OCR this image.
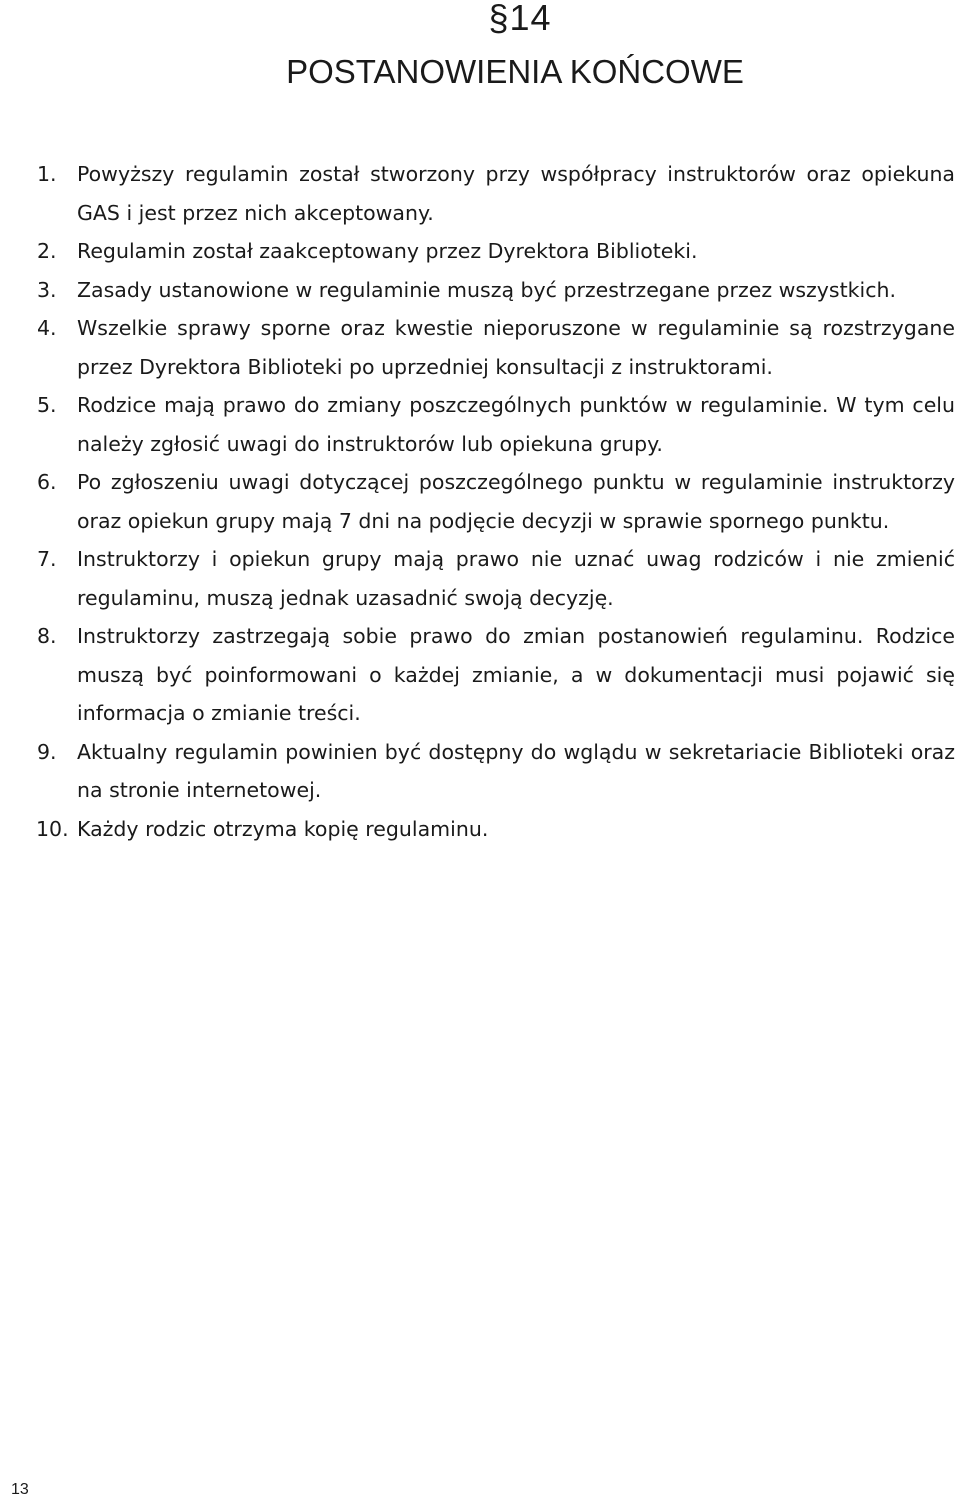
§14
POSTANOWIENIA KOŃCOWE
1. Powyższy regulamin został stworzony przy współpracy instruktorów oraz opiekuna GAS i jest przez nich akceptowany.
2. Regulamin został zaakceptowany przez Dyrektora Biblioteki.
3. Zasady ustanowione w regulaminie muszą być przestrzegane przez wszystkich.
4. Wszelkie sprawy sporne oraz kwestie nieporuszone w regulaminie są rozstrzygane przez Dyrektora Biblioteki po uprzedniej konsultacji z instruktorami.
5. Rodzice mają prawo do zmiany poszczególnych punktów w regulaminie. W tym celu należy zgłosić uwagi do instruktorów lub opiekuna grupy.
6. Po zgłoszeniu uwagi dotyczącej poszczególnego punktu w regulaminie instruktorzy oraz opiekun grupy mają 7 dni na podjęcie decyzji w sprawie spornego punktu.
7. Instruktorzy i opiekun grupy mają prawo nie uznać uwag rodziców i nie zmienić regulaminu, muszą jednak uzasadnić swoją decyzję.
8. Instruktorzy zastrzegają sobie prawo do zmian postanowień regulaminu. Rodzice muszą być poinformowani o każdej zmianie, a w dokumentacji musi pojawić się informacja o zmianie treści.
9. Aktualny regulamin powinien być dostępny do wglądu w sekretariacie Biblioteki oraz na stronie internetowej.
10. Każdy rodzic otrzyma kopię regulaminu.
13
